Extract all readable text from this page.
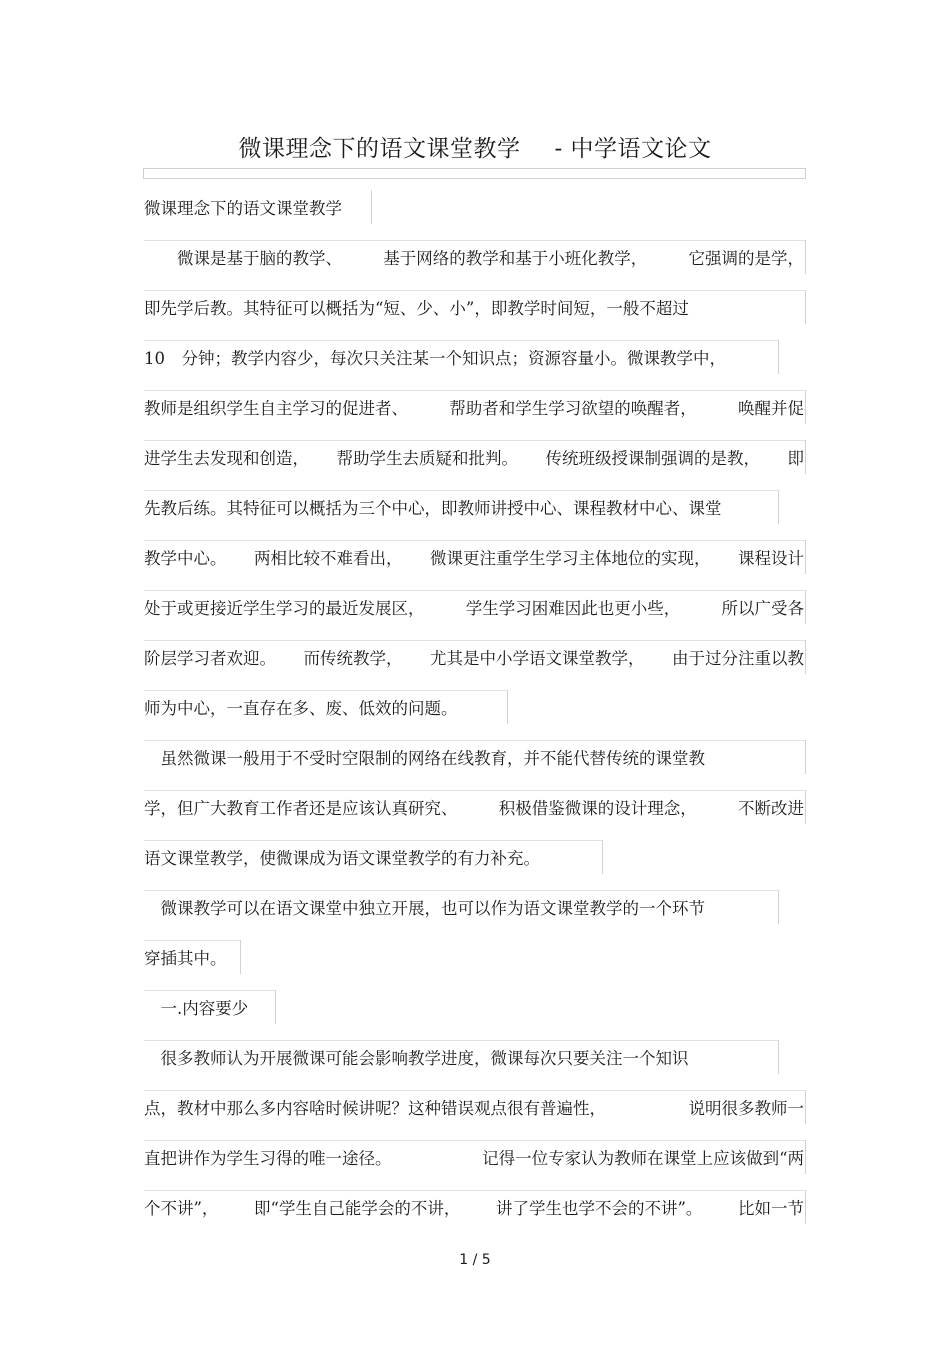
微课理念下的语文课堂教学 - 中学语文论文
微课理念下的语文课堂教学
　　微课是基于脑的教学、	基于网络的教学和基于小班化教学，	它强调的是学，
即先学后教。其特征可以概括为“短、少、小”，即教学时间短，一般不超过
10　分钟；教学内容少，每次只关注某一个知识点；资源容量小。微课教学中，
教师是组织学生自主学习的促进者、	帮助者和学生学习欲望的唤醒者，	唤醒并促
进学生去发现和创造， 帮助学生去质疑和批判。 传统班级授课制强调的是教， 即
先教后练。其特征可以概括为三个中心，即教师讲授中心、课程教材中心、课堂
教学中心。 两相比较不难看出， 微课更注重学生学习主体地位的实现， 课程设计
处于或更接近学生学习的最近发展区，	学生学习困难因此也更小些，	所以广受各
阶层学习者欢迎。 而传统教学， 尤其是中小学语文课堂教学， 由于过分注重以教
师为中心，一直存在多、废、低效的问题。
　虽然微课一般用于不受时空限制的网络在线教育，并不能代替传统的课堂教
学，但广大教育工作者还是应该认真研究、	积极借鉴微课的设计理念，	不断改进
语文课堂教学，使微课成为语文课堂教学的有力补充。
　微课教学可以在语文课堂中独立开展，也可以作为语文课堂教学的一个环节
穿插其中。
　一.内容要少
　很多教师认为开展微课可能会影响教学进度，微课每次只要关注一个知识
点，教材中那么多内容啥时候讲呢？这种错误观点很有普遍性，	说明很多教师一
直把讲作为学生习得的唯一途径。	记得一位专家认为教师在课堂上应该做到“两
个不讲”， 即“学生自己能学会的不讲， 讲了学生也学不会的不讲”。 比如一节
1 / 5
